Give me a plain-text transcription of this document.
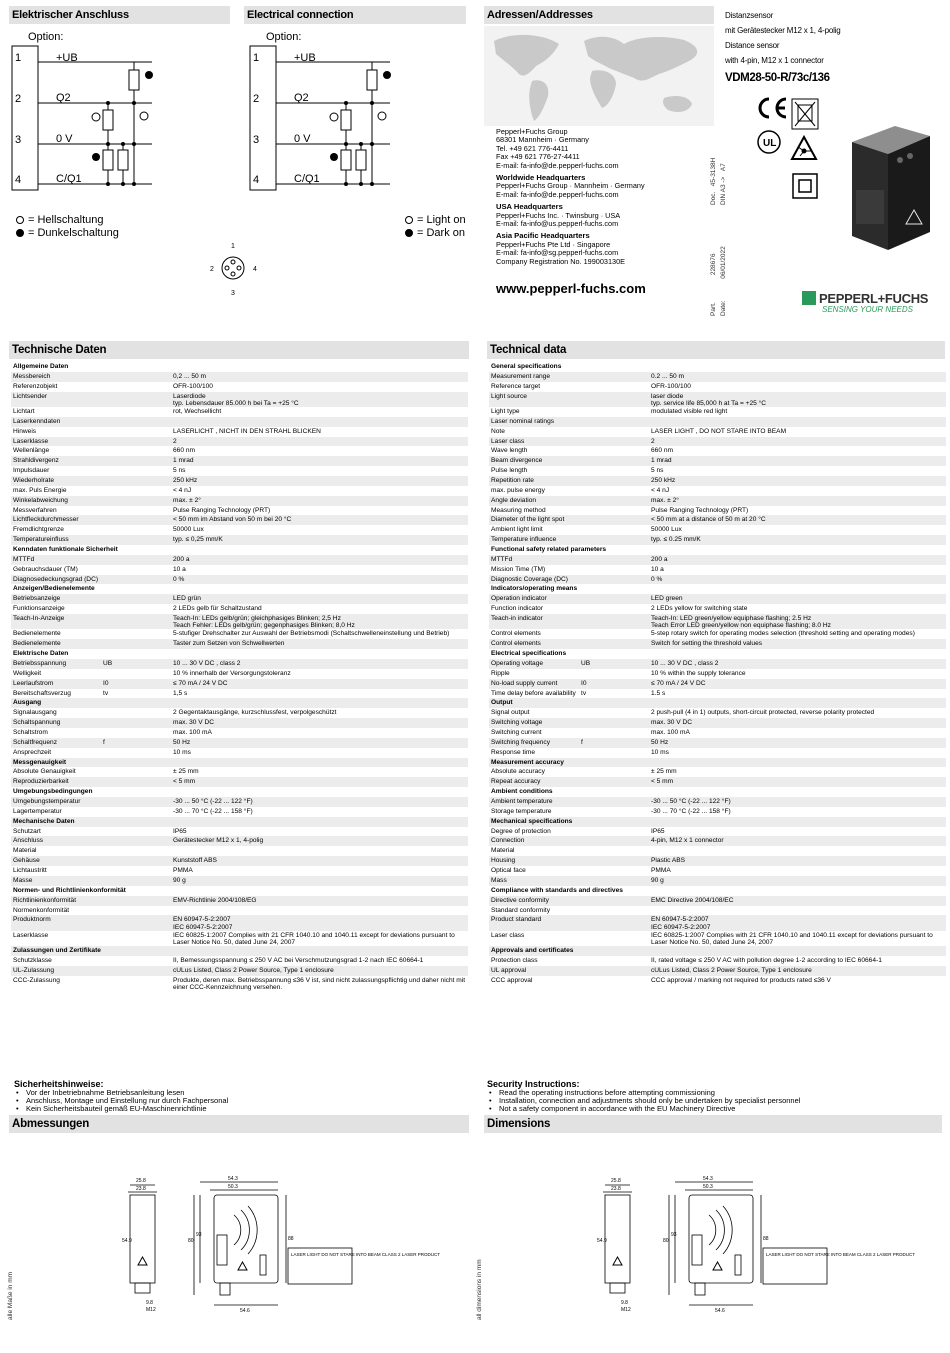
Elektrischer Anschluss	Electrical connection
Option:
1
2
3
4
+UB
Q2
0 V
C/Q1
= Hellschaltung
= Dunkelschaltung
1
2
3
4
Option:
1
2
3
4
+UB
Q2
0 V
C/Q1
= Light on
= Dark on
Adressen/Addresses
Pepperl+Fuchs Group
68301 Mannheim · Germany
Tel. +49 621 776-4411
Fax +49 621 776-27-4411
E-mail: fa-info@de.pepperl-fuchs.com
Worldwide Headquarters
Pepperl+Fuchs Group · Mannheim · Germany
E-mail: fa-info@de.pepperl-fuchs.com
USA Headquarters
Pepperl+Fuchs Inc. · Twinsburg · USA
E-mail: fa-info@us.pepperl-fuchs.com
Asia Pacific Headquarters
Pepperl+Fuchs Pte Ltd · Singapore
E-mail: fa-info@sg.pepperl-fuchs.com
Company Registration No. 199003130E
www.pepperl-fuchs.com
Distanzsensor
mit Gerätestecker M12 x 1, 4-polig
Distance sensor
with 4-pin, M12 x 1 connector
VDM28-50-R/73c/136
UL
Doc.   45-3138H
DIN A3 ->   A7
Part.               228676
Date:            06/01/2022
PEPPERL+FUCHS
SENSING YOUR NEEDS
Technische Daten	Technical data
Allgemeine Daten
Messbereich	0,2 ... 50 m
Referenzobjekt	OFR-100/100
Lichtsender	Laserdiode
typ. Lebensdauer 85.000 h bei Ta = +25 °C
Lichtart	rot, Wechsellicht
Laserkenndaten
Hinweis	LASERLICHT , NICHT IN DEN STRAHL BLICKEN
Laserklasse	2
Wellenlänge	660 nm
Strahldivergenz	1 mrad
Impulsdauer	5 ns
Wiederholrate	250 kHz
max. Puls Energie	< 4 nJ
Winkelabweichung	max. ± 2°
Messverfahren	Pulse Ranging Technology (PRT)
Lichtfleckdurchmesser	< 50 mm im Abstand von 50 m bei 20 °C
Fremdlichtgrenze	50000 Lux
Temperatureinfluss	typ. ≤ 0,25 mm/K
Kenndaten funktionale Sicherheit
MTTFd	200 a
Gebrauchsdauer (TM)	10 a
Diagnosedeckungsgrad (DC)	0 %
Anzeigen/Bedienelemente
Betriebsanzeige	LED grün
Funktionsanzeige	2 LEDs gelb für Schaltzustand
Teach-In-Anzeige	Teach-In: LEDs gelb/grün; gleichphasiges Blinken; 2,5 Hz
Teach Fehler: LEDs gelb/grün; gegenphasiges Blinken; 8,0 Hz
Bedienelemente	5-stufiger Drehschalter zur Auswahl der Betriebsmodi (Schaltschwelleneinstellung und Betrieb)
Bedienelemente	Taster zum Setzen von Schwellwerten
Elektrische Daten
Betriebsspannung	UB	10 ... 30 V DC , class 2
Welligkeit	10 % innerhalb der Versorgungstoleranz
Leerlaufstrom	I0	≤ 70 mA / 24 V DC
Bereitschaftsverzug	tv	1,5 s
Ausgang
Signalausgang	2 Gegentaktausgänge, kurzschlussfest, verpolgeschützt
Schaltspannung	max. 30 V DC
Schaltstrom	max. 100 mA
Schaltfrequenz	f	50 Hz
Ansprechzeit	10 ms
Messgenauigkeit
Absolute Genauigkeit	± 25 mm
Reproduzierbarkeit	< 5 mm
Umgebungsbedingungen
Umgebungstemperatur	-30 ... 50 °C (-22 ... 122 °F)
Lagertemperatur	-30 ... 70 °C (-22 ... 158 °F)
Mechanische Daten
Schutzart	IP65
Anschluss	Gerätestecker M12 x 1, 4-polig
Material
Gehäuse	Kunststoff ABS
Lichtaustritt	PMMA
Masse	90 g
Normen- und Richtlinienkonformität
Richtlinienkonformität	EMV-Richtlinie 2004/108/EG
Normenkonformität
Produktnorm	EN 60947-5-2:2007
IEC 60947-5-2:2007
Laserklasse	IEC 60825-1:2007 Complies with 21 CFR 1040.10 and 1040.11 except for deviations pursuant to Laser Notice No. 50, dated June 24, 2007
Zulassungen und Zertifikate
Schutzklasse	II, Bemessungsspannung ≤ 250 V AC bei Verschmutzungsgrad 1-2 nach IEC 60664-1
UL-Zulassung	cULus Listed, Class 2 Power Source, Type 1 enclosure
CCC-Zulassung	Produkte, deren max. Betriebsspannung ≤36 V ist, sind nicht zulassungspflichtig und daher nicht mit einer CCC-Kennzeichnung versehen.
General specifications
Measurement range	0.2 ... 50 m
Reference target	OFR-100/100
Light source	laser diode
typ. service life 85,000 h at Ta = +25 °C
Light type	modulated visible red light
Laser nominal ratings
Note	LASER LIGHT , DO NOT STARE INTO BEAM
Laser class	2
Wave length	660 nm
Beam divergence	1 mrad
Pulse length	5 ns
Repetition rate	250 kHz
max. pulse energy	< 4 nJ
Angle deviation	max. ± 2°
Measuring method	Pulse Ranging Technology (PRT)
Diameter of the light spot	< 50 mm at a distance of 50 m at 20 °C
Ambient light limit	50000 Lux
Temperature influence	typ. ≤ 0.25 mm/K
Functional safety related parameters
MTTFd	200 a
Mission Time (TM)	10 a
Diagnostic Coverage (DC)	0 %
Indicators/operating means
Operation indicator	LED green
Function indicator	2 LEDs yellow for switching state
Teach-in indicator	Teach-In: LED green/yellow equiphase flashing; 2.5 Hz
Teach Error LED green/yellow non equiphase flashing; 8.0 Hz
Control elements	5-step rotary switch for operating modes selection (threshold setting and operating modes)
Control elements	Switch for setting the threshold values
Electrical specifications
Operating voltage	UB	10 ... 30 V DC , class 2
Ripple	10 % within the supply tolerance
No-load supply current	I0	≤ 70 mA / 24 V DC
Time delay before availability tv	1.5 s
Output
Signal output	2 push-pull (4 in 1) outputs, short-circuit protected, reverse polarity protected
Switching voltage	max. 30 V DC
Switching current	max. 100 mA
Switching frequency	f	50 Hz
Response time	10 ms
Measurement accuracy
Absolute accuracy	± 25 mm
Repeat accuracy	< 5 mm
Ambient conditions
Ambient temperature	-30 ... 50 °C (-22 ... 122 °F)
Storage temperature	-30 ... 70 °C (-22 ... 158 °F)
Mechanical specifications
Degree of protection	IP65
Connection	4-pin, M12 x 1 connector
Material
Housing	Plastic ABS
Optical face	PMMA
Mass	90 g
Compliance with standards and directives
Directive conformity	EMC Directive 2004/108/EC
Standard conformity
Product standard	EN 60947-5-2:2007
IEC 60947-5-2:2007
Laser class	IEC 60825-1:2007 Complies with 21 CFR 1040.10 and 1040.11 except for deviations pursuant to Laser Notice No. 50, dated June 24, 2007
Approvals and certificates
Protection class	II, rated voltage ≤ 250 V AC with pollution degree 1-2 according to IEC 60664-1
UL approval	cULus Listed, Class 2 Power Source, Type 1 enclosure
CCC approval	CCC approval / marking not required for products rated ≤36 V
Sicherheitshinweise:
• Vor der Inbetriebnahme Betriebsanleitung lesen
• Anschluss, Montage und Einstellung nur durch Fachpersonal
• Kein Sicherheitsbauteil gemäß EU-Maschinenrichtlinie
Security Instructions:
• Read the operating instructions before attempting commissioning
• Installation, connection and adjustments should only be undertaken by specialist personnel
• Not a safety component in accordance with the EU Machinery Directive
Abmessungen	Dimensions
25.8
23.8
54.9
9.8
M12
54.3
50.3
80	88
93
54.6
LASER LIGHT DO NOT STARE INTO BEAM CLASS 2 LASER PRODUCT
25.8
23.8
54.9
9.8
M12
54.3
50.3
80	88
93
54.6
LASER LIGHT DO NOT STARE INTO BEAM CLASS 2 LASER PRODUCT
alle Maße in mm	all dimensions in mm
